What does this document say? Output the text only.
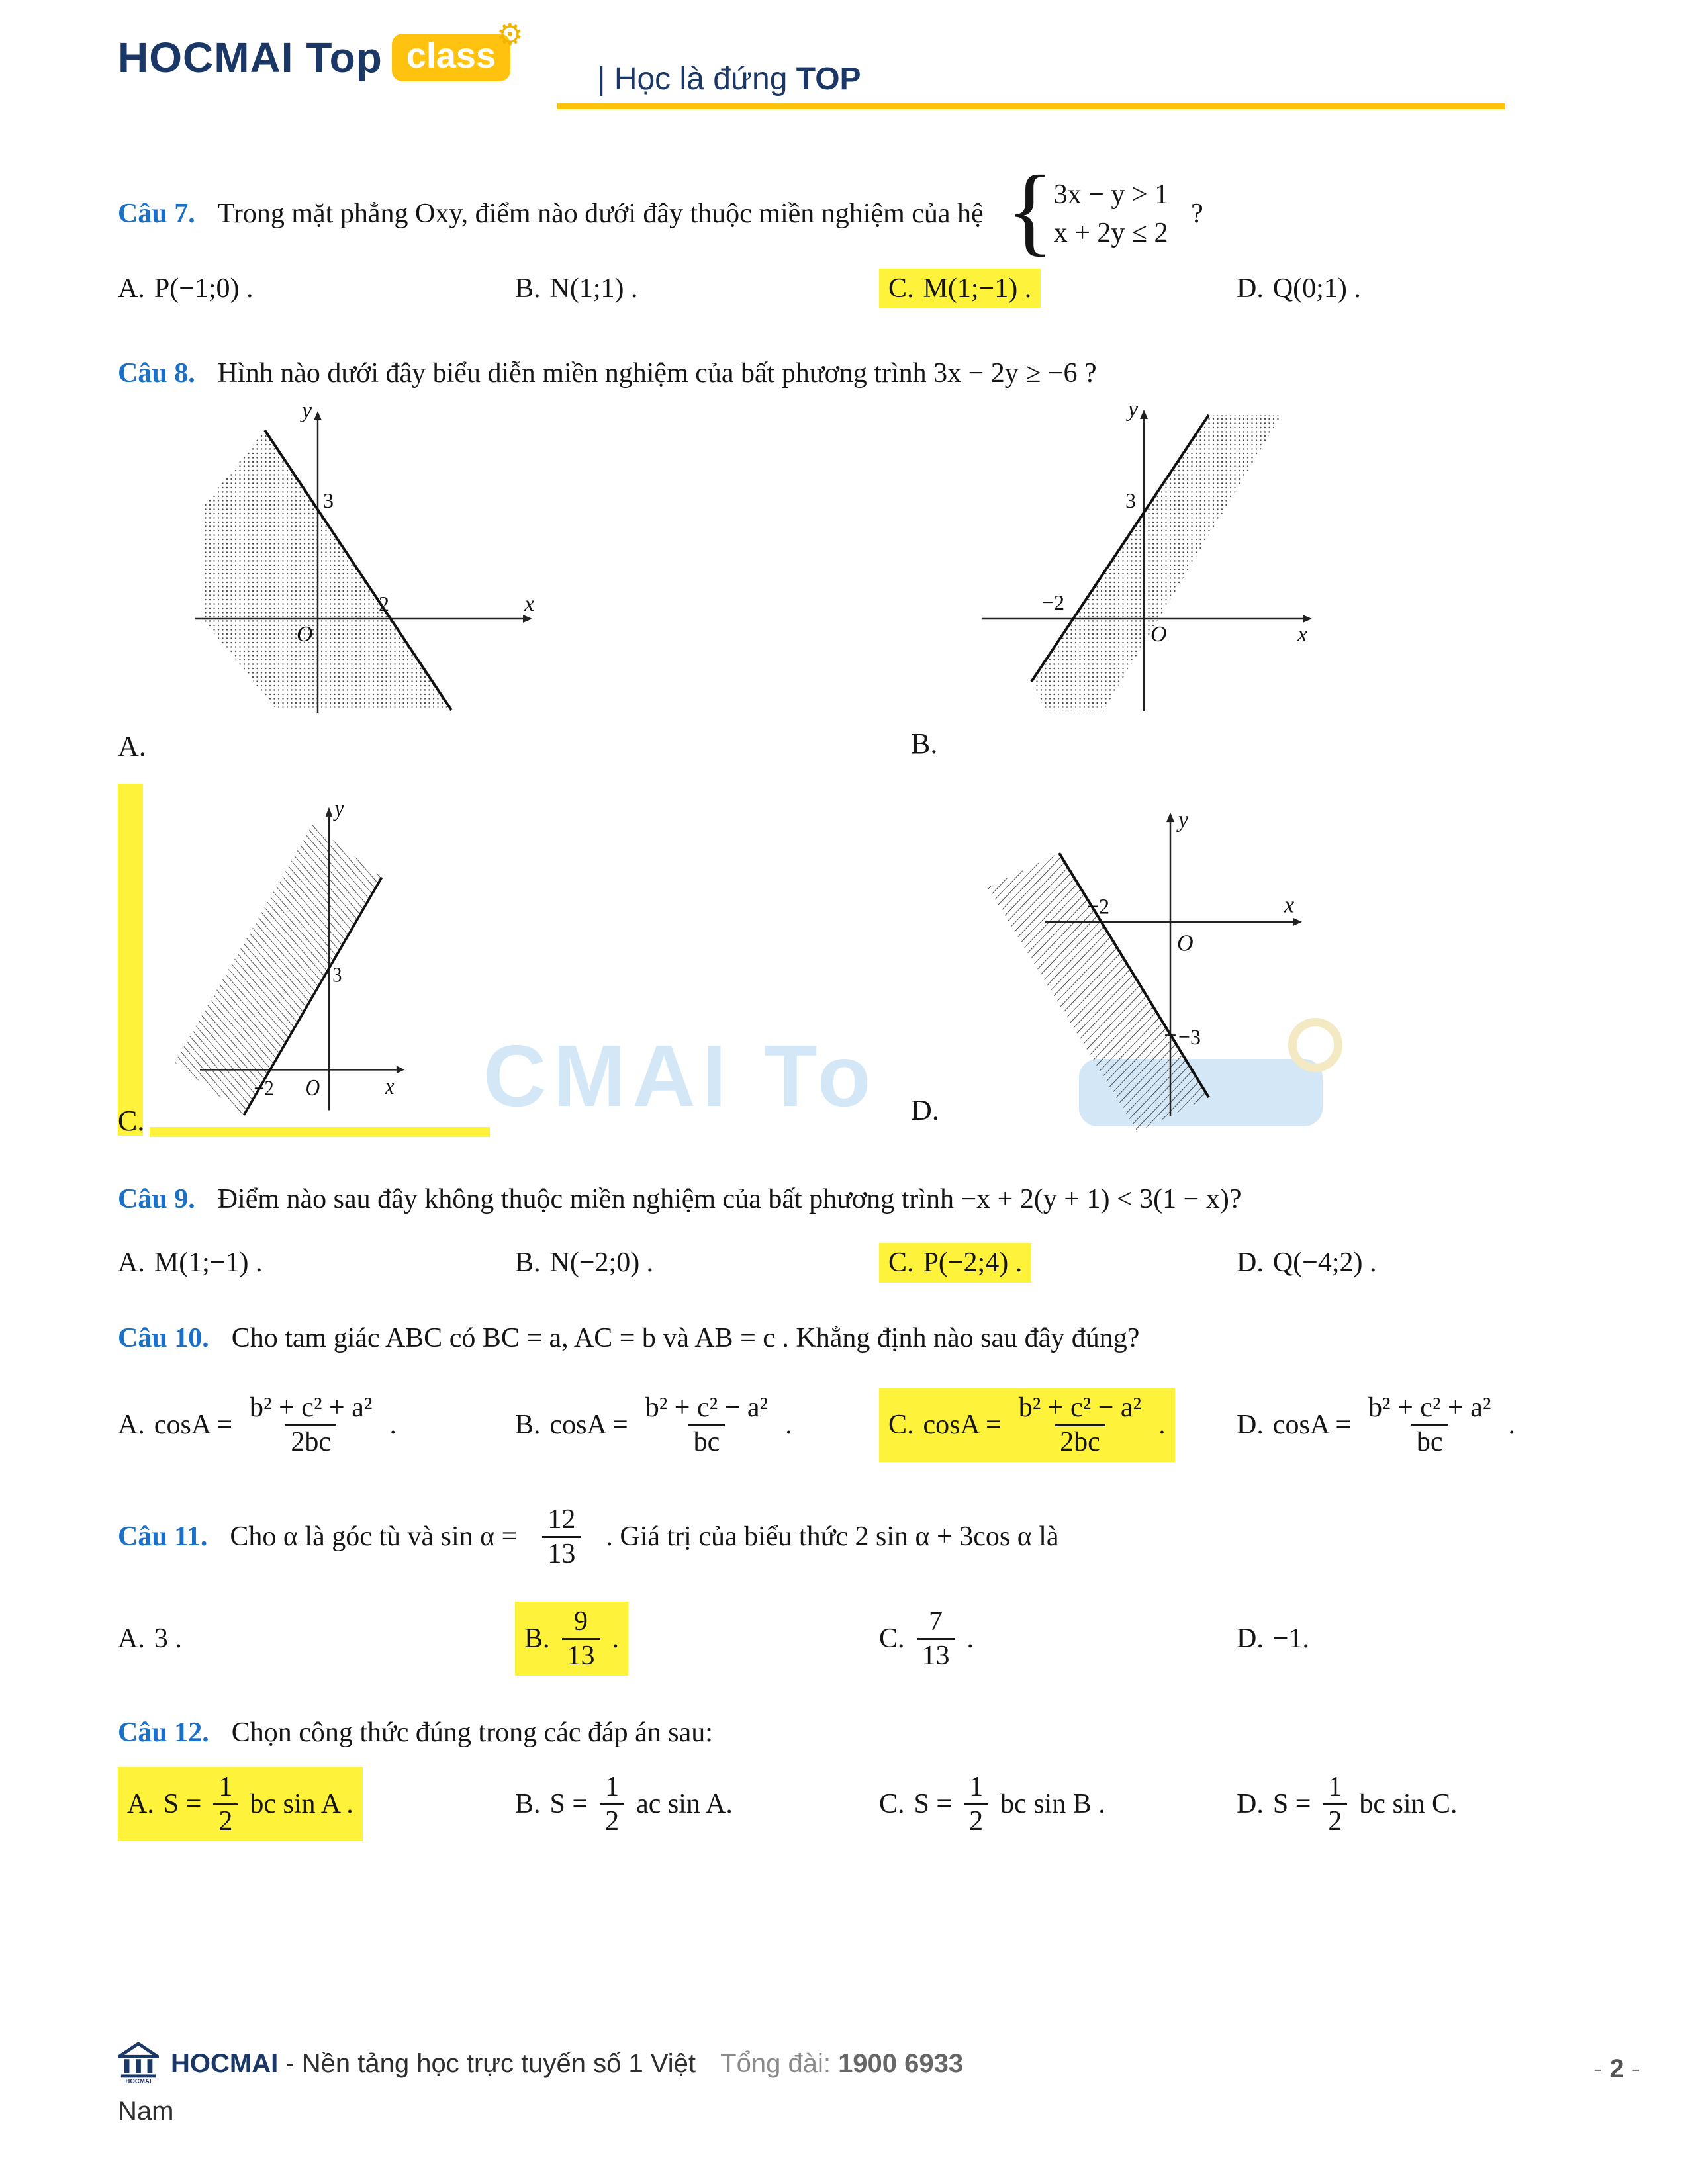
CMAI To
HOCMAI Top class
⚙
| Học là đứng TOP
Câu 7. Trong mặt phẳng Oxy, điểm nào dưới đây thuộc miền nghiệm của hệ { 3x − y > 1
x + 2y ≤ 2
?
A. P(−1;0) .	B. N(1;1) .	C. M(1;−1) .	D. Q(0;1) .
Câu 8. Hình nào dưới đây biểu diễn miền nghiệm của bất phương trình 3x − 2y ≥ −6 ?
y
x
3
2
O
y
x
3
−2
O
A.	B.
y
x
3
−2 O
y
x
−2
O
−3
C.	D.
Câu 9. Điểm nào sau đây không thuộc miền nghiệm của bất phương trình −x + 2(y + 1) < 3(1 − x)?
A. M(1;−1) .	B. N(−2;0) .	C. P(−2;4) .	D. Q(−4;2) .
Câu 10. Cho tam giác ABC có BC = a, AC = b và AB = c . Khẳng định nào sau đây đúng?
A. $\cos A = \frac{\text{b² + c² + a²}}{2bc}$ .	B. $\cos A = \frac{\text{b² + c² − a²}}{bc}$ .	C. $\cos A = \frac{\text{b² + c² − a²}}{2bc}$ .	D. $\cos A = \frac{\text{b² + c² + a²}}{bc}$ .
Câu 11. Cho α là góc tù và $\sin \alpha = \frac{12}{13}$ . Giá trị của biểu thức 2 sin α + 3cos α là
A. 3 .	B. $\frac{9}{13}$ .	C. $\frac{7}{13}$ .	D. −1.
Câu 12. Chọn công thức đúng trong các đáp án sau:
A. $S = \frac{1}{2}$ bc sin A .	B. $S = \frac{1}{2}$ ac sin A.	C. $S = \frac{1}{2}$ bc sin B .	D. $S = \frac{1}{2}$ bc sin C.
HOCMAI
HOCMAI - Nền tảng học trực tuyến số 1 Việt Tổng đài: 1900 6933
Nam
- 2 -
